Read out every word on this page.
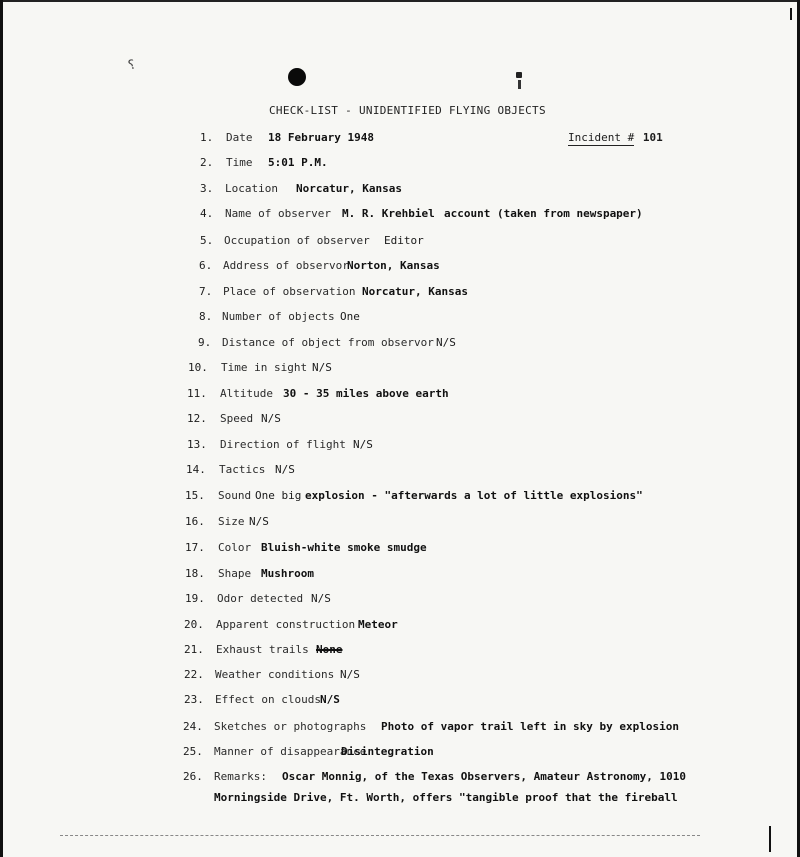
⸮
CHECK-LIST - UNIDENTIFIED FLYING OBJECTS
Incident # 101
1. Date 18 February 1948
2. Time 5:01 P.M.
3. Location Norcatur, Kansas
4. Name of observer M. R. Krehbiel account (taken from newspaper)
5. Occupation of observer Editor
6. Address of observor
Norton, Kansas
7. Place of observation Norcatur, Kansas
8. Number of objects One
9. Distance of object from observor N/S
10. Time in sight N/S
11. Altitude 30 - 35 miles above earth
12. Speed N/S
13. Direction of flight N/S
14. Tactics N/S
15. Sound One big explosion - "afterwards a lot of little explosions"
16. Size N/S
17. Color Bluish-white smoke smudge
18. Shape Mushroom
19. Odor detected N/S
20. Apparent construction Meteor
21. Exhaust trails None
22. Weather conditions N/S
23. Effect on clouds N/S
24. Sketches or photographs Photo of vapor trail left in sky by explosion
25. Manner of disappearance
Disintegration
26. Remarks: Oscar Monnig, of the Texas Observers, Amateur Astronomy, 1010
Morningside Drive, Ft. Worth, offers "tangible proof that the fireball
